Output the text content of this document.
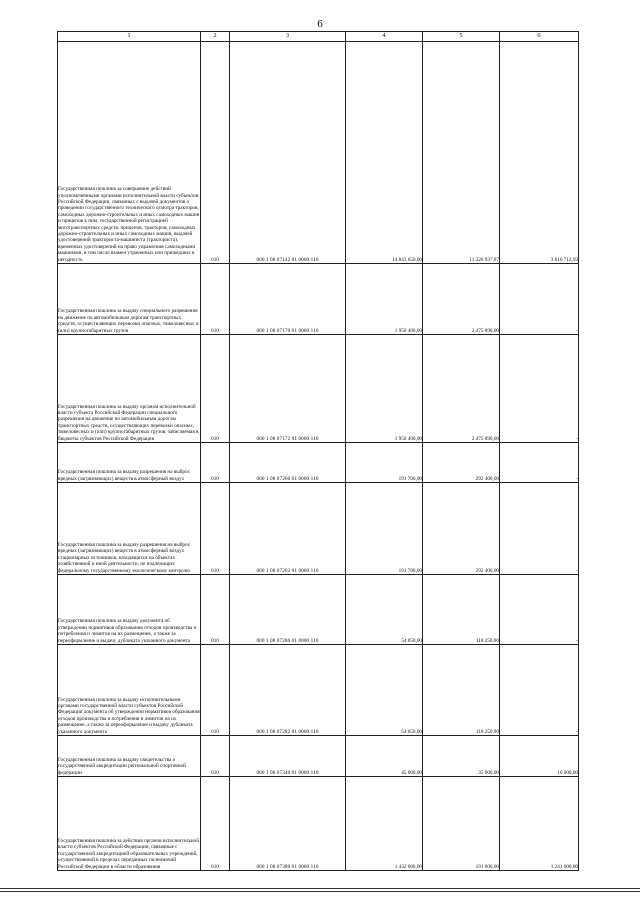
6
1	2	3	4	5	6
Государственная пошлина за совершение действий уполномоченными органами исполнительной власти субъектов Российской Федерации, связанных с выдачей документов о проведении государственного технического осмотра тракторов, самоходных дорожно-строительных и иных самоходных машин и прицепов к ним, государственной регистрацией мототранспортных средств, прицепов, тракторов, самоходных дорожно-строительных и иных самоходных машин, выдачей удостоверений тракториста-машиниста (тракториста), временных удостоверений на право управления самоходными машинами, в том числе взамен утраченных или пришедших в негодность	010	000 1 08 07142 01 0000 110	14 843 650,00	11 226 937,07	3 616 712,93
Государственная пошлина за выдачу специального разрешения на движение по автомобильным дорогам транспортных средств, осуществляющих перевозки опасных, тяжеловесных и (или) крупногабаритных грузов	010	000 1 08 07170 01 0000 110	1 950 400,00	2 475 890,00	-
Государственная пошлина за выдачу органом исполнительной власти субъекта Российской Федерации специального разрешения на движение по автомобильным дорогам транспортных средств, осуществляющих перевозки опасных, тяжеловесных и (или) крупногабаритных грузов, зачисляемая в бюджеты субъектов Российской Федерации	010	000 1 08 07172 01 0000 110	1 950 400,00	2 475 890,00	-
Государственная пошлина за выдачу разрешения на выброс вредных (загрязняющих) веществ в атмосферный воздух	010	000 1 08 07260 01 0000 110	191 700,00	292 400,00	-
Государственная пошлина за выдачу разрешения на выброс вредных (загрязняющих) веществ в атмосферный воздух стационарных источников, находящихся на объектах хозяйственной и иной деятельности, не подлежащих федеральному государственному экологическому контролю	010	000 1 08 07262 01 0000 110	191 700,00	292 400,00	-
Государственная пошлина за выдачу документа об утверждении нормативов образования отходов производства и потребления и лимитов на их размещение, а также за переоформление и выдачу дубликата указанного документа	010	000 1 08 07280 01 0000 110	54 050,00	118 250,00	-
Государственная пошлина за выдачу исполнительными органами государственной власти субъектов Российской Федерации документа об утверждении нормативов образования отходов производства и потребления и лимитов на их размещение, а также за переоформление и выдачу дубликата указанного документа	010	000 1 08 07282 01 0000 110	54 050,00	118 250,00	-
Государственная пошлина за выдачу свидетельства о государственной аккредитации региональной спортивной федерации	010	000 1 08 07340 01 0000 110	45 000,00	35 000,00	10 000,00
Государственная пошлина за действия органов исполнительной власти субъектов Российской Федерации, связанные с государственной аккредитацией образовательных учреждений, осуществляемой в пределах переданных полномочий Российской Федерации в области образования	010	000 1 08 07380 01 0000 110	1 432 000,00	191 000,00	1 241 000,00
